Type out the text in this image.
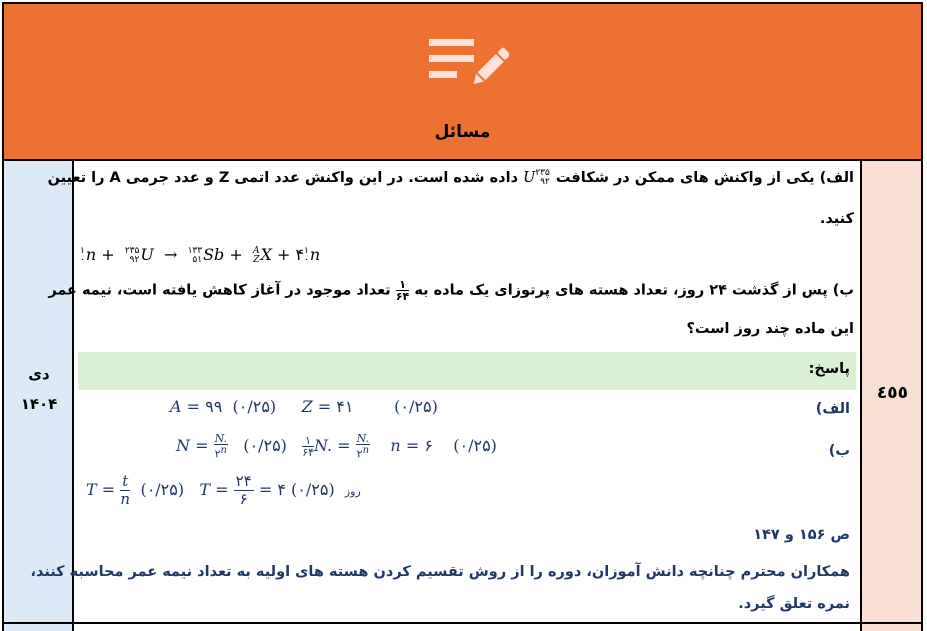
مسائل
دی
۱۴۰۴
الف) یکی از واکنش های ممکن در شکافت ۲۳۵
۹۲U داده شده است. در این واکنش عدد اتمی Z و عدد جرمی A را تعیین
کنید.
۱
۰n +  ۲۳۵
۹۲U → ۱۳۳
۵۱Sb +  A
ZX + ۴۱
۰n
ب) پس از گذشت ۲۴ روز، تعداد هسته های پرتوزای یک ماده به
$\frac{۱}{۶۴}$
تعداد موجود در آغاز کاهش یافته است، نیمه عمر
این ماده چند روز است؟
پاسخ:
الف)
A = ۹۹  (۰/۲۵) Z = ۴۱        (۰/۲۵)
ب)
$N = \frac{N.}{۲^n}$ (۰/۲۵) $\frac{۱}{۶۴} N$. = $\frac{N.}{۲^n}$ n = ۶    (۰/۲۵)
$T = \frac{t}{n}$ (۰/۲۵) $T = \frac{۲۴}{۶}$ = ۴	روز  (۰/۲۵)
ص ۱۵۶ و ۱۴۷
همکاران محترم چنانچه دانش آموزان، دوره را از روش تقسیم کردن هسته های اولیه به تعداد نیمه عمر محاسبه کنند،
نمره تعلق گیرد.
٤٥٥
